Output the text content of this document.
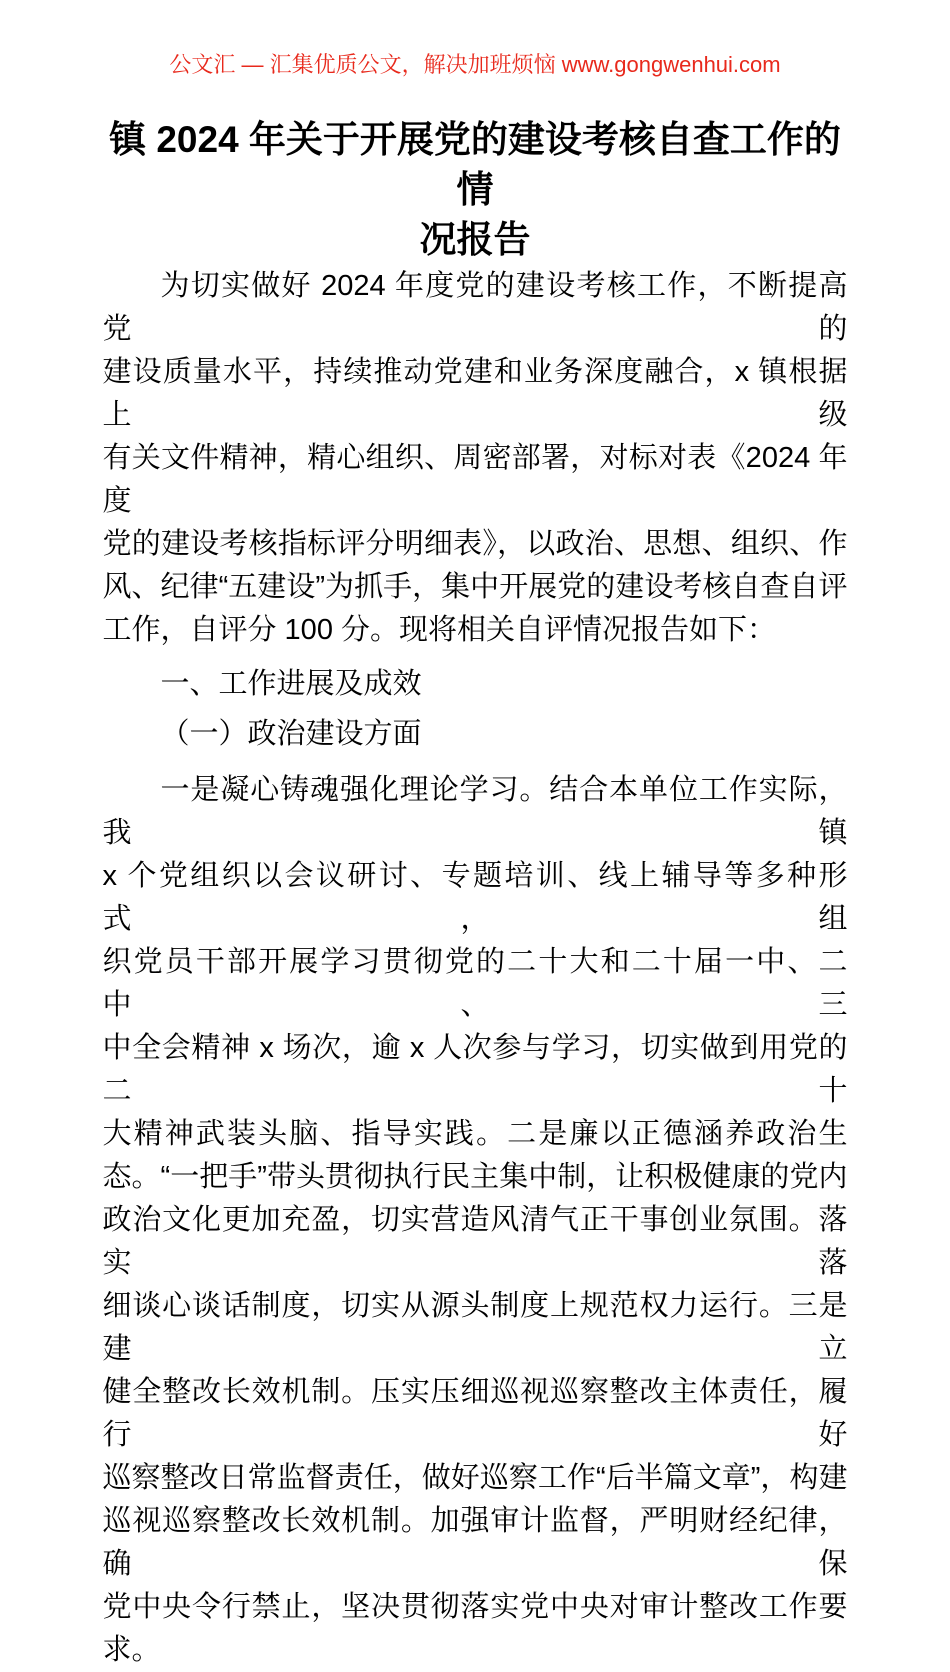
公文汇 — 汇集优质公文，解决加班烦恼 www.gongwenhui.com
镇 2024 年关于开展党的建设考核自查工作的情
况报告
为切实做好 2024 年度党的建设考核工作，不断提高党的
建设质量水平，持续推动党建和业务深度融合，x 镇根据上级
有关文件精神，精心组织、周密部署，对标对表《2024 年度
党的建设考核指标评分明细表》，以政治、思想、组织、作
风、纪律“五建设”为抓手，集中开展党的建设考核自查自评
工作，自评分 100 分。现将相关自评情况报告如下：
一、工作进展及成效
（一）政治建设方面
一是凝心铸魂强化理论学习。结合本单位工作实际，我镇
x 个党组织以会议研讨、专题培训、线上辅导等多种形式，组
织党员干部开展学习贯彻党的二十大和二十届一中、二中、三
中全会精神 x 场次，逾 x 人次参与学习，切实做到用党的二十
大精神武装头脑、指导实践。二是廉以正德涵养政治生
态。“一把手”带头贯彻执行民主集中制，让积极健康的党内
政治文化更加充盈，切实营造风清气正干事创业氛围。落实落
细谈心谈话制度，切实从源头制度上规范权力运行。三是建立
健全整改长效机制。压实压细巡视巡察整改主体责任，履行好
巡察整改日常监督责任，做好巡察工作“后半篇文章”，构建
巡视巡察整改长效机制。加强审计监督，严明财经纪律，确保
党中央令行禁止，坚决贯彻落实党中央对审计整改工作要求。
